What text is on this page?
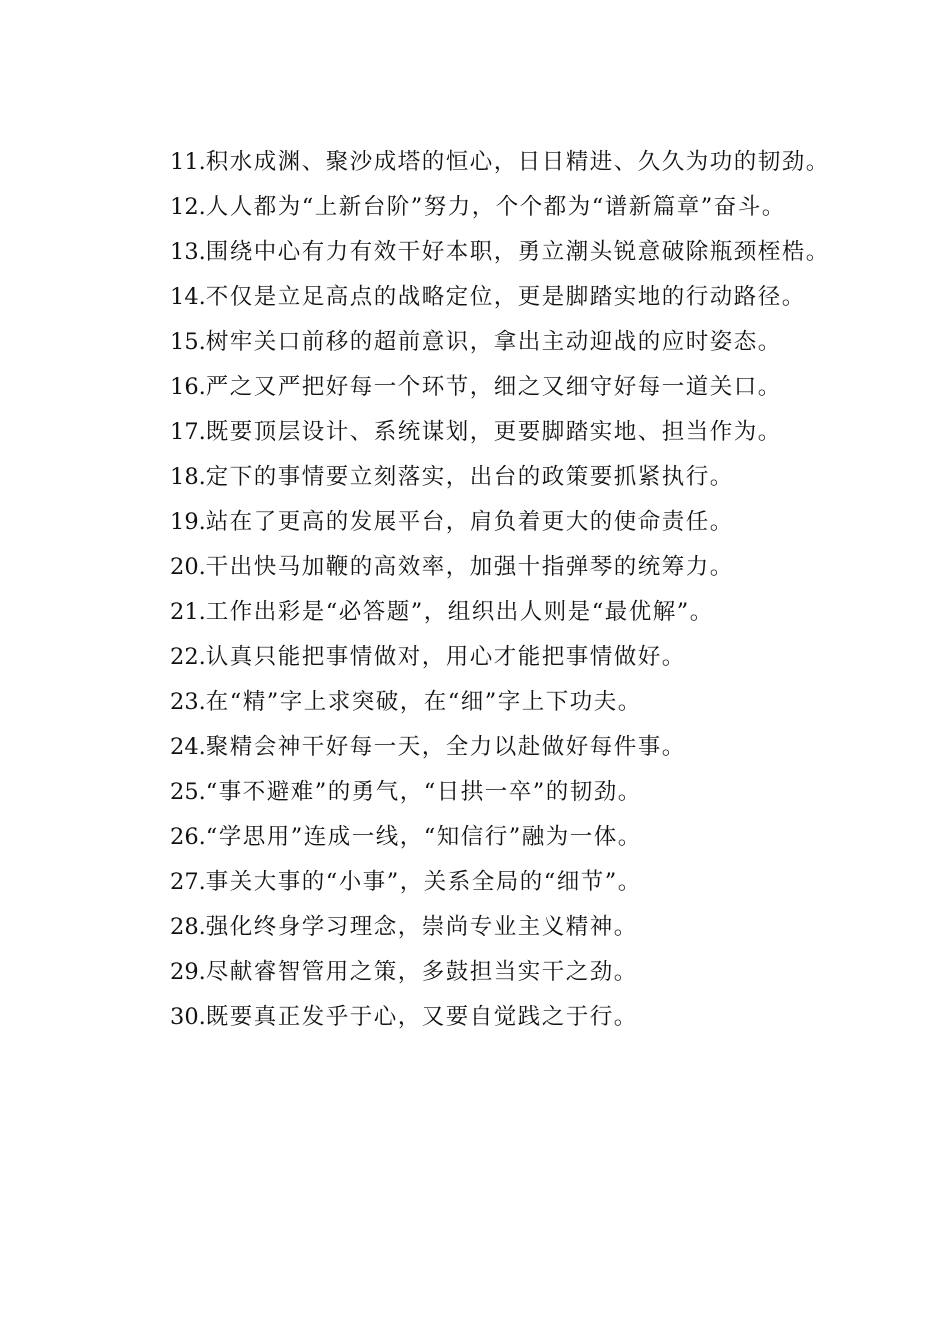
11.积水成渊、聚沙成塔的恒心，日日精进、久久为功的韧劲。
12.人人都为“上新台阶”努力，个个都为“谱新篇章”奋斗。
13.围绕中心有力有效干好本职，勇立潮头锐意破除瓶颈桎梏。
14.不仅是立足高点的战略定位，更是脚踏实地的行动路径。
15.树牢关口前移的超前意识，拿出主动迎战的应时姿态。
16.严之又严把好每一个环节，细之又细守好每一道关口。
17.既要顶层设计、系统谋划，更要脚踏实地、担当作为。
18.定下的事情要立刻落实，出台的政策要抓紧执行。
19.站在了更高的发展平台，肩负着更大的使命责任。
20.干出快马加鞭的高效率，加强十指弹琴的统筹力。
21.工作出彩是“必答题”，组织出人则是“最优解”。
22.认真只能把事情做对，用心才能把事情做好。
23.在“精”字上求突破，在“细”字上下功夫。
24.聚精会神干好每一天，全力以赴做好每件事。
25.“事不避难”的勇气，“日拱一卒”的韧劲。
26.“学思用”连成一线，“知信行”融为一体。
27.事关大事的“小事”，关系全局的“细节”。
28.强化终身学习理念，崇尚专业主义精神。
29.尽献睿智管用之策，多鼓担当实干之劲。
30.既要真正发乎于心，又要自觉践之于行。
